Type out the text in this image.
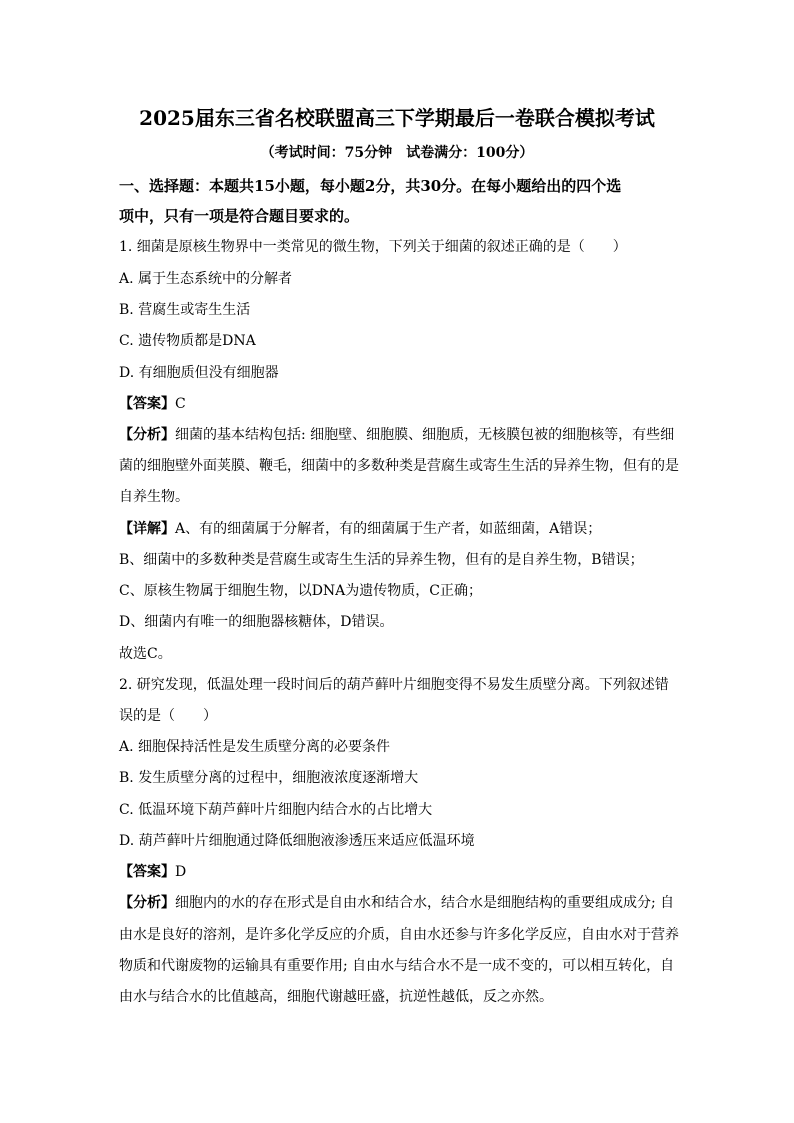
2025届东三省名校联盟高三下学期最后一卷联合模拟考试
（考试时间：75分钟　试卷满分：100分）
一、选择题：本题共15小题，每小题2分，共30分。在每小题给出的四个选
项中，只有一项是符合题目要求的。
1. 细菌是原核生物界中一类常见的微生物，下列关于细菌的叙述正确的是（　　）
A. 属于生态系统中的分解者
B. 营腐生或寄生生活
C. 遗传物质都是DNA
D. 有细胞质但没有细胞器
【答案】C
【分析】细菌的基本结构包括: 细胞壁、细胞膜、细胞质，无核膜包被的细胞核等，有些细
菌的细胞壁外面荚膜、鞭毛，细菌中的多数种类是营腐生或寄生生活的异养生物，但有的是
自养生物。
【详解】A、有的细菌属于分解者，有的细菌属于生产者，如蓝细菌，A错误；
B、细菌中的多数种类是营腐生或寄生生活的异养生物，但有的是自养生物，B错误；
C、原核生物属于细胞生物，以DNA为遗传物质，C正确；
D、细菌内有唯一的细胞器核糖体，D错误。
故选C。
2. 研究发现，低温处理一段时间后的葫芦藓叶片细胞变得不易发生质壁分离。下列叙述错
误的是（　　）
A. 细胞保持活性是发生质壁分离的必要条件
B. 发生质壁分离的过程中，细胞液浓度逐渐增大
C. 低温环境下葫芦藓叶片细胞内结合水的占比增大
D. 葫芦藓叶片细胞通过降低细胞液渗透压来适应低温环境
【答案】D
【分析】细胞内的水的存在形式是自由水和结合水，结合水是细胞结构的重要组成成分; 自
由水是良好的溶剂，是许多化学反应的介质，自由水还参与许多化学反应，自由水对于营养
物质和代谢废物的运输具有重要作用; 自由水与结合水不是一成不变的，可以相互转化，自
由水与结合水的比值越高，细胞代谢越旺盛，抗逆性越低，反之亦然。
